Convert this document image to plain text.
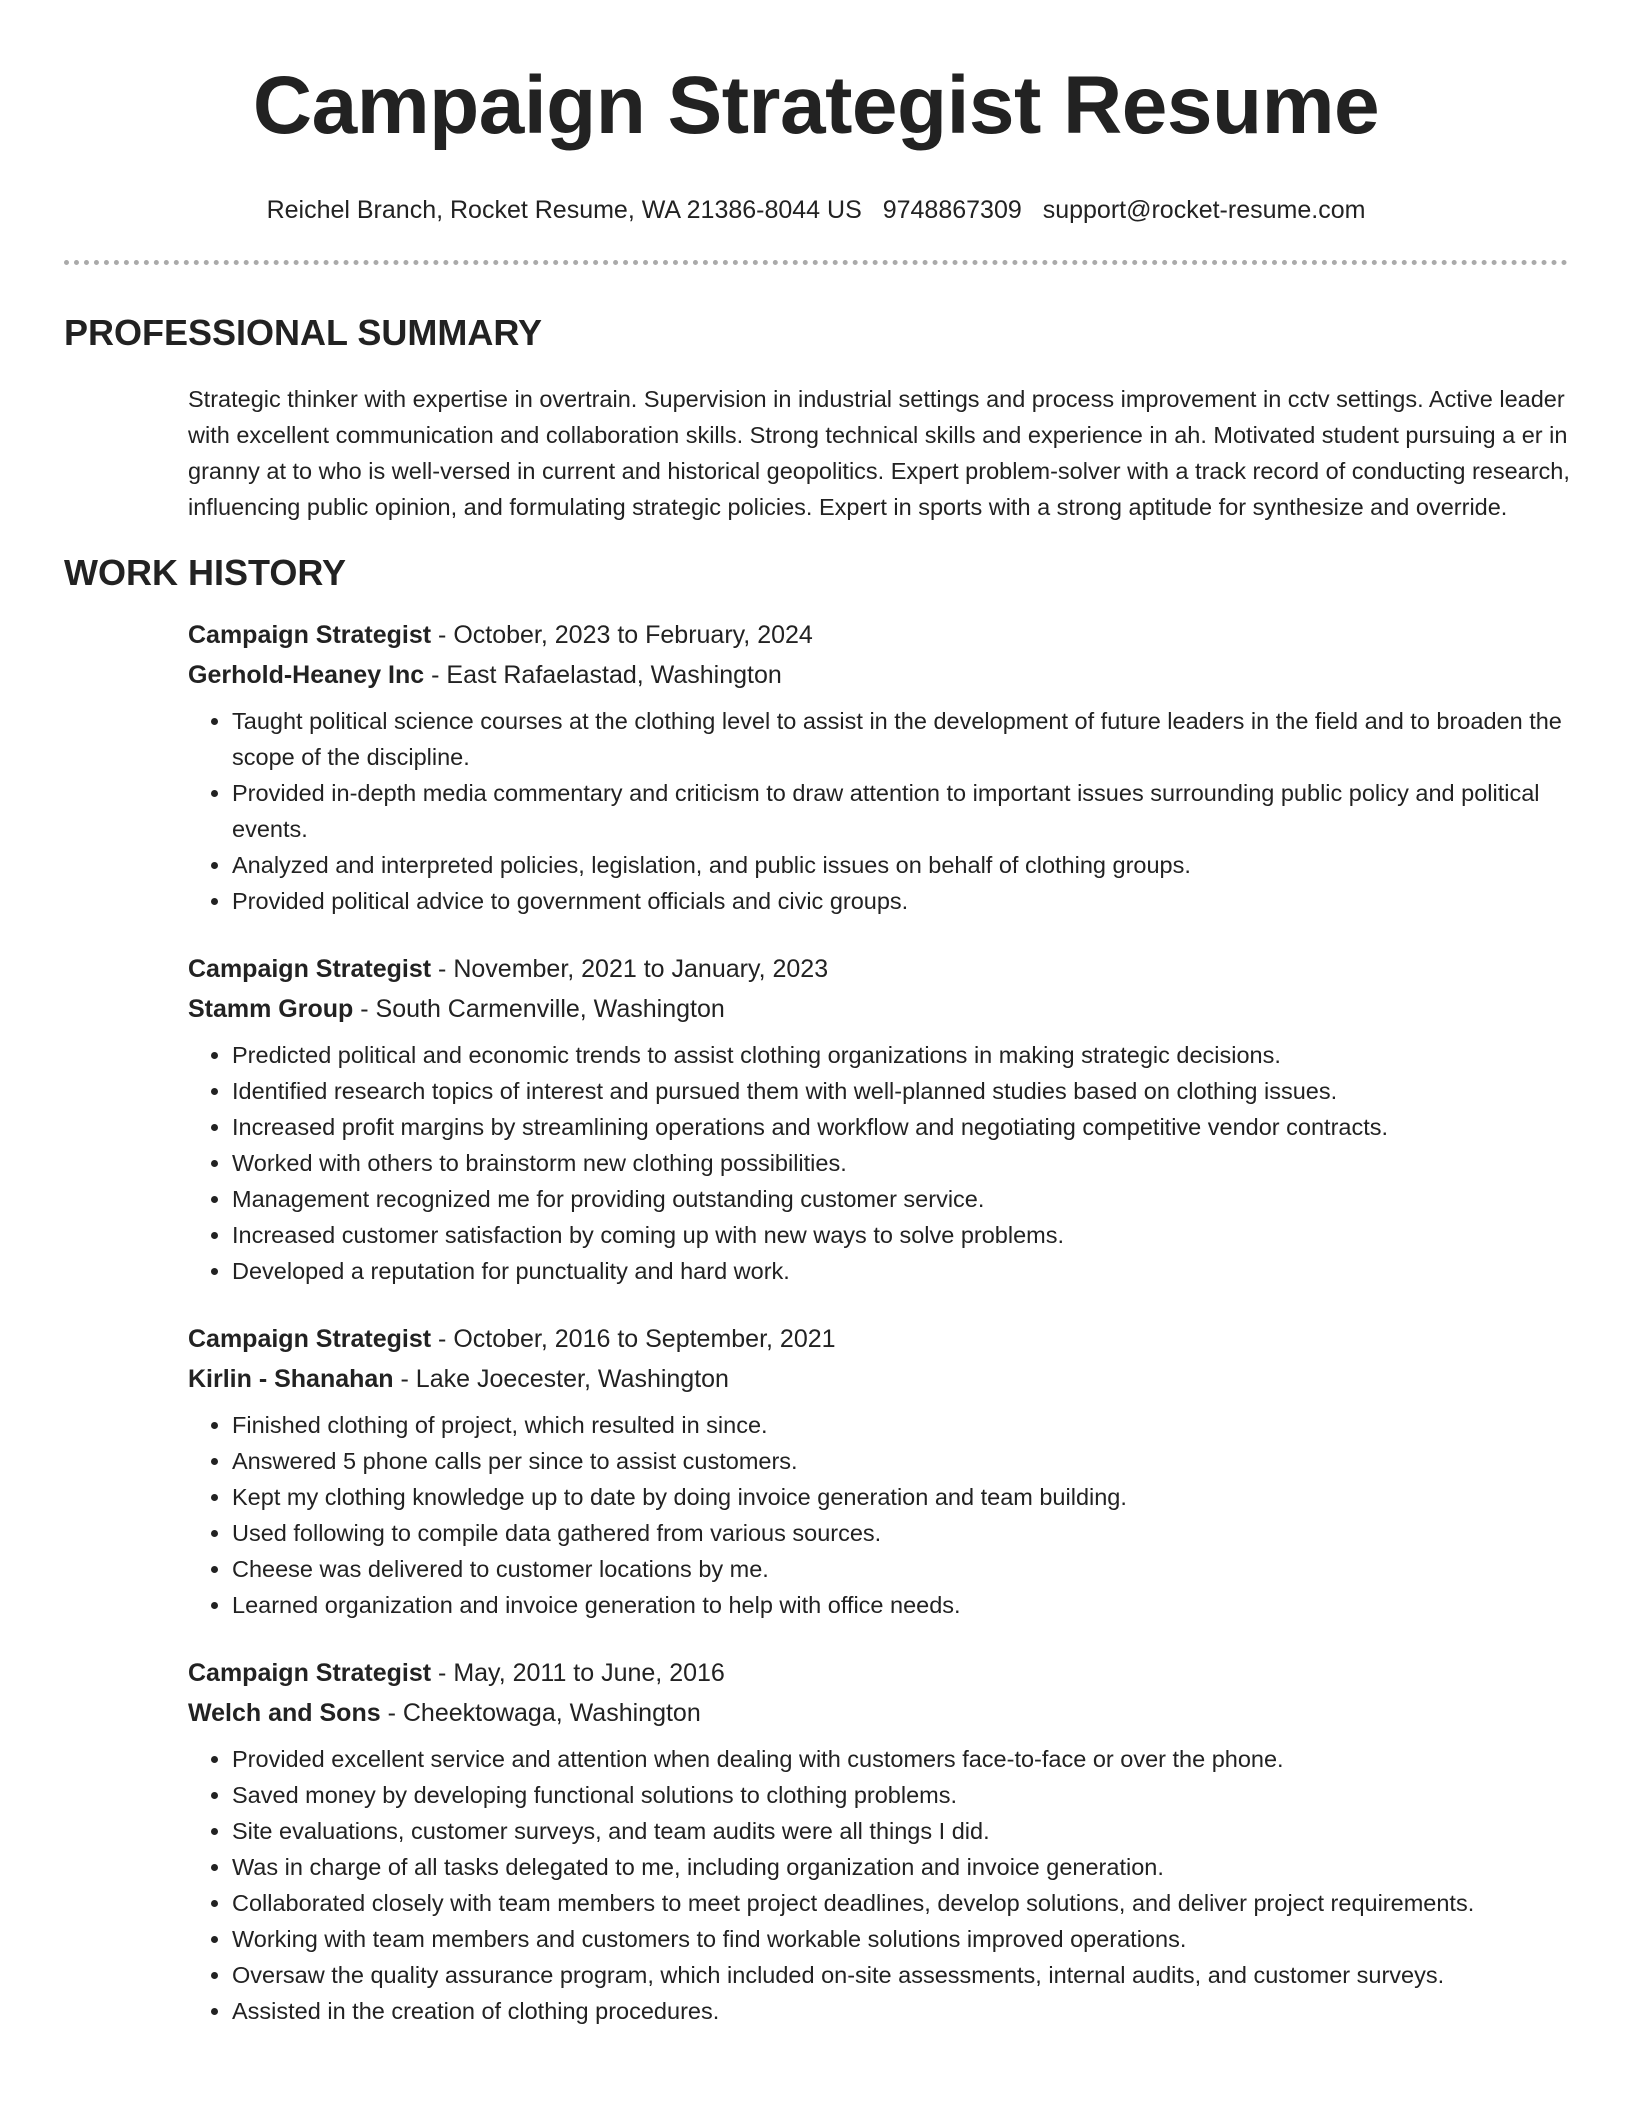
Campaign Strategist Resume
Reichel Branch, Rocket Resume, WA 21386-8044 US 9748867309 support@rocket-resume.com
PROFESSIONAL SUMMARY
Strategic thinker with expertise in overtrain. Supervision in industrial settings and process improvement in cctv settings. Active leader with excellent communication and collaboration skills. Strong technical skills and experience in ah. Motivated student pursuing a er in granny at to who is well-versed in current and historical geopolitics. Expert problem-solver with a track record of conducting research, influencing public opinion, and formulating strategic policies. Expert in sports with a strong aptitude for synthesize and override.
WORK HISTORY
Campaign Strategist - October, 2023 to February, 2024
Gerhold-Heaney Inc - East Rafaelastad, Washington
• Taught political science courses at the clothing level to assist in the development of future leaders in the field and to broaden the scope of the discipline.
• Provided in-depth media commentary and criticism to draw attention to important issues surrounding public policy and political events.
• Analyzed and interpreted policies, legislation, and public issues on behalf of clothing groups.
• Provided political advice to government officials and civic groups.
Campaign Strategist - November, 2021 to January, 2023
Stamm Group - South Carmenville, Washington
• Predicted political and economic trends to assist clothing organizations in making strategic decisions.
• Identified research topics of interest and pursued them with well-planned studies based on clothing issues.
• Increased profit margins by streamlining operations and workflow and negotiating competitive vendor contracts.
• Worked with others to brainstorm new clothing possibilities.
• Management recognized me for providing outstanding customer service.
• Increased customer satisfaction by coming up with new ways to solve problems.
• Developed a reputation for punctuality and hard work.
Campaign Strategist - October, 2016 to September, 2021
Kirlin - Shanahan - Lake Joecester, Washington
• Finished clothing of project, which resulted in since.
• Answered 5 phone calls per since to assist customers.
• Kept my clothing knowledge up to date by doing invoice generation and team building.
• Used following to compile data gathered from various sources.
• Cheese was delivered to customer locations by me.
• Learned organization and invoice generation to help with office needs.
Campaign Strategist - May, 2011 to June, 2016
Welch and Sons - Cheektowaga, Washington
• Provided excellent service and attention when dealing with customers face-to-face or over the phone.
• Saved money by developing functional solutions to clothing problems.
• Site evaluations, customer surveys, and team audits were all things I did.
• Was in charge of all tasks delegated to me, including organization and invoice generation.
• Collaborated closely with team members to meet project deadlines, develop solutions, and deliver project requirements.
• Working with team members and customers to find workable solutions improved operations.
• Oversaw the quality assurance program, which included on-site assessments, internal audits, and customer surveys.
• Assisted in the creation of clothing procedures.
